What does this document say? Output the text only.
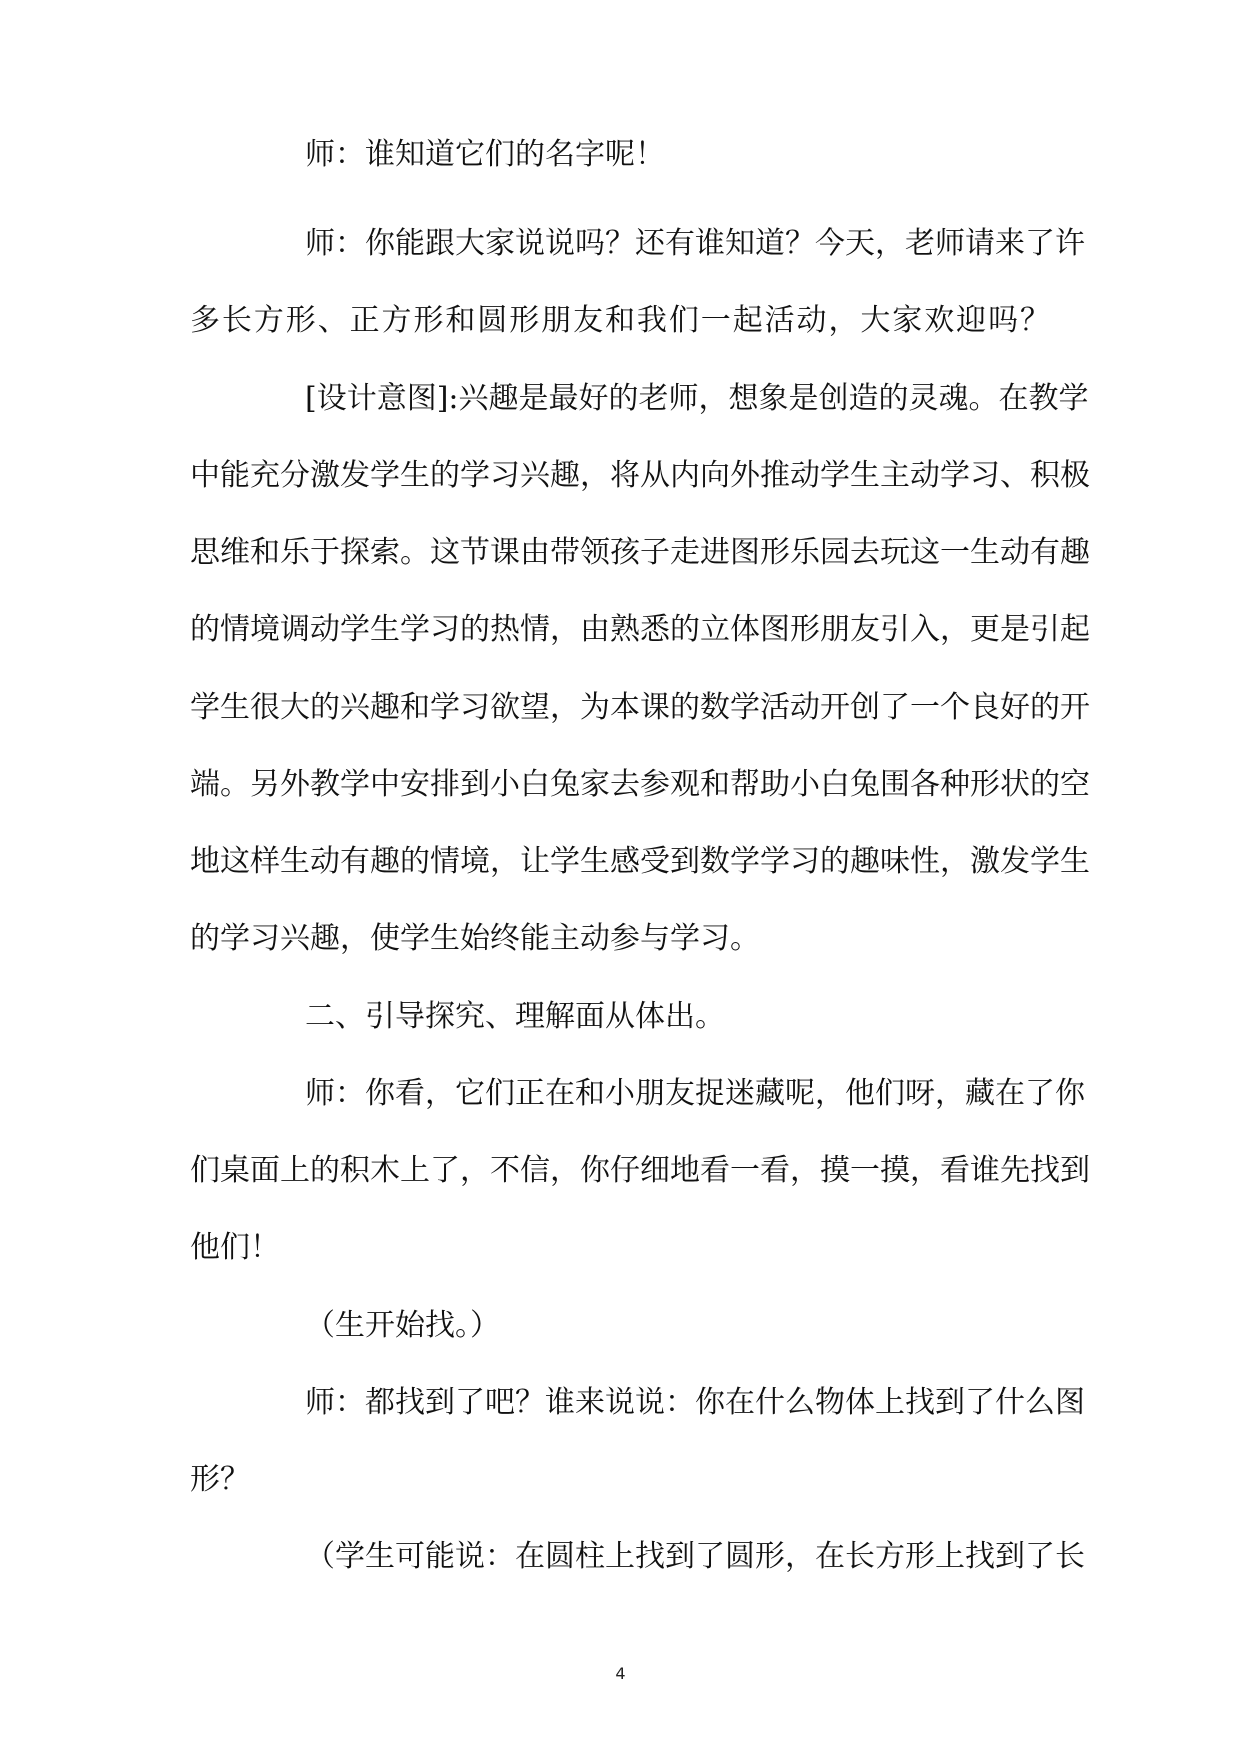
师：谁知道它们的名字呢！
师：你能跟大家说说吗？还有谁知道？今天，老师请来了许
多长方形、正方形和圆形朋友和我们一起活动，大家欢迎吗？
[设计意图]:兴趣是最好的老师，想象是创造的灵魂。在教学
中能充分激发学生的学习兴趣，将从内向外推动学生主动学习、积极
思维和乐于探索。这节课由带领孩子走进图形乐园去玩这一生动有趣
的情境调动学生学习的热情，由熟悉的立体图形朋友引入，更是引起
学生很大的兴趣和学习欲望，为本课的数学活动开创了一个良好的开
端。另外教学中安排到小白兔家去参观和帮助小白兔围各种形状的空
地这样生动有趣的情境，让学生感受到数学学习的趣味性，激发学生
的学习兴趣，使学生始终能主动参与学习。
二、引导探究、理解面从体出。
师：你看，它们正在和小朋友捉迷藏呢，他们呀，藏在了你
们桌面上的积木上了，不信，你仔细地看一看，摸一摸，看谁先找到
他们！
（生开始找。）
师：都找到了吧？谁来说说：你在什么物体上找到了什么图
形？
（学生可能说：在圆柱上找到了圆形，在长方形上找到了长
4
